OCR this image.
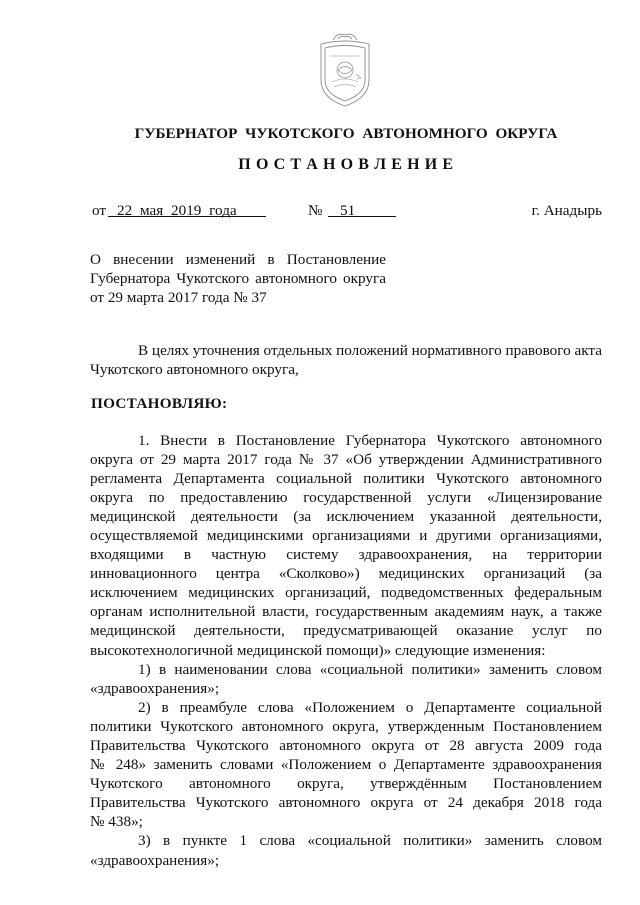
ГУБЕРНАТОР ЧУКОТСКОГО АВТОНОМНОГО ОКРУГА
П О С Т А Н О В Л Е Н И Е
от 22 мая 2019 года	№	51	г. Анадырь
О внесении изменений в Постановление
Губернатора Чукотского автономного округа
от 29 марта 2017 года № 37
В целях уточнения отдельных положений нормативного правового акта
Чукотского автономного округа,
ПОСТАНОВЛЯЮ:
1. Внести в Постановление Губернатора Чукотского автономного
округа от 29 марта 2017 года № 37 «Об утверждении Административного
регламента Департамента социальной политики Чукотского автономного
округа по предоставлению государственной услуги «Лицензирование
медицинской деятельности (за исключением указанной деятельности,
осуществляемой медицинскими организациями и другими организациями,
входящими в частную систему здравоохранения, на территории
инновационного центра «Сколково») медицинских организаций (за
исключением медицинских организаций, подведомственных федеральным
органам исполнительной власти, государственным академиям наук, а также
медицинской деятельности, предусматривающей оказание услуг по
высокотехнологичной медицинской помощи)» следующие изменения:
1) в наименовании слова «социальной политики» заменить словом
«здравоохранения»;
2) в преамбуле слова «Положением о Департаменте социальной
политики Чукотского автономного округа, утвержденным Постановлением
Правительства Чукотского автономного округа от 28 августа 2009 года
№ 248» заменить словами «Положением о Департаменте здравоохранения
Чукотского автономного округа, утверждённым Постановлением
Правительства Чукотского автономного округа от 24 декабря 2018 года
№ 438»;
3) в пункте 1 слова «социальной политики» заменить словом
«здравоохранения»;
